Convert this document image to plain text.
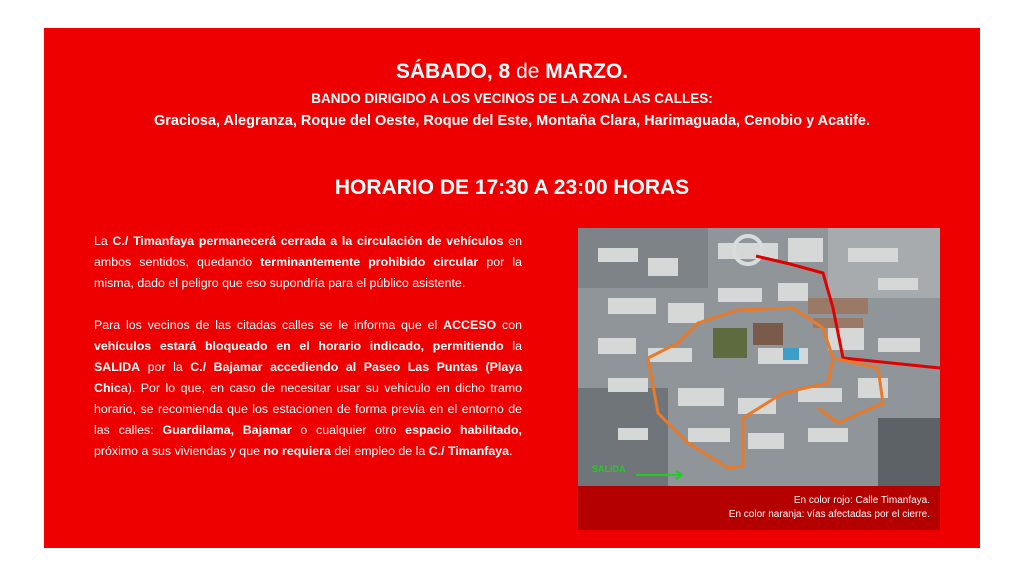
SÁBADO, 8 de MARZO.
BANDO DIRIGIDO A LOS VECINOS DE LA ZONA LAS CALLES:
Graciosa, Alegranza, Roque del Oeste, Roque del Este, Montaña Clara, Harimaguada, Cenobio y Acatife.
HORARIO DE 17:30 A 23:00 HORAS

La C./ Timanfaya permanecerá cerrada a la circulación de vehículos en ambos sentidos, quedando terminantemente prohibido circular por la misma, dado el peligro que eso supondría para el público asistente.

Para los vecinos de las citadas calles se le informa que el ACCESO con vehículos estará bloqueado en el horario indicado, permitiendo la SALIDA por la C./ Bajamar accediendo al Paseo Las Puntas (Playa Chica). Por lo que, en caso de necesitar usar su vehículo en dicho tramo horario, se recomienda que los estacionen de forma previa en el entorno de las calles: Guardilama, Bajamar o cualquier otro espacio habilitado, próximo a sus viviendas y que no requiera del empleo de la C./ Timanfaya.

SALIDA
En color rojo: Calle Timanfaya.
En color naranja: vías afectadas por el cierre.
